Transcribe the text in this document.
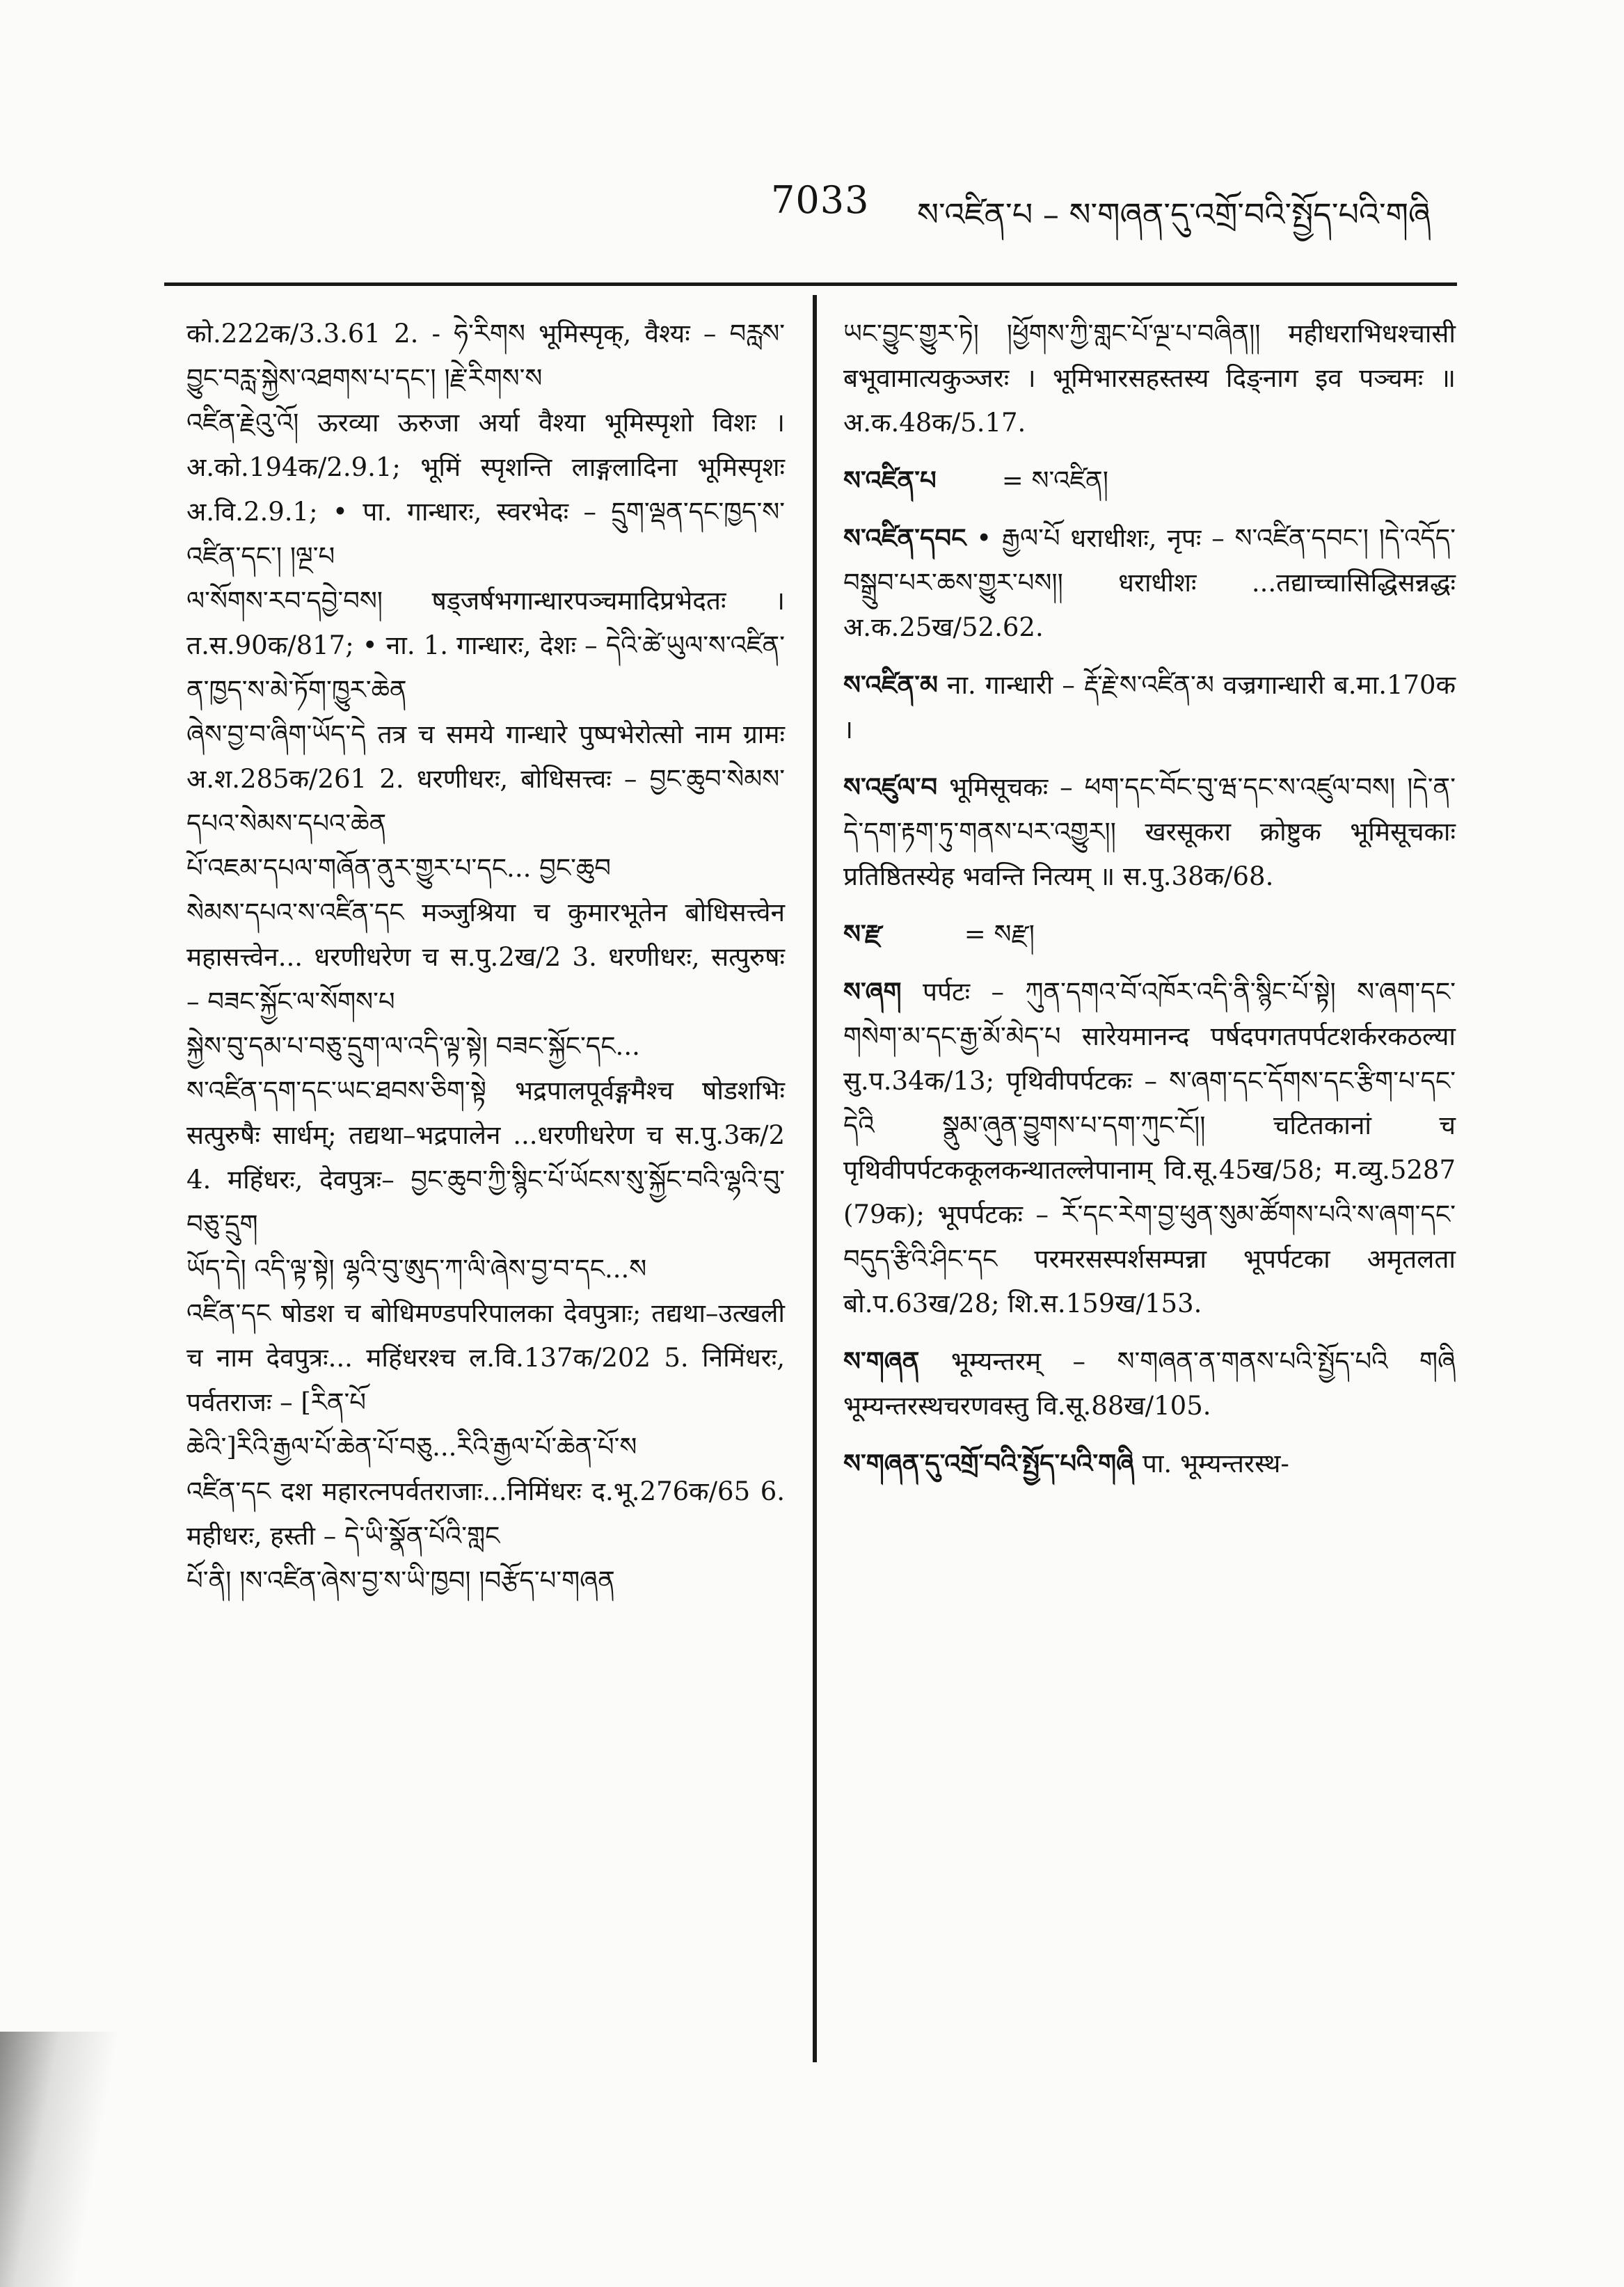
7033 ས་འཛིན་པ – ས་གཞན་དུ་འགྲོ་བའི་སྤྱོད་པའི་གཞི
को.222क/3.3.61 2. - ཧེ་རིགས भूमिस्पृक्, वैश्यः – བརླས་བྱུང་བརླ་སྐྱེས་འཐགས་པ་དང་། །རྗེ་རིགས་ས
འཛིན་རྗེའུ་འོ། ऊरव्या ऊरुजा अर्या वैश्या भूमिस्पृशो विशः । अ.को.194क/2.9.1; भूमिं स्पृशन्ति लाङ्गलादिना भूमिस्पृशः अ.वि.2.9.1; • पा. गान्धारः, स्वरभेदः – དྲུག་ལྡན་དང་ཁྱད་ས་འཛིན་དང་། །ལྔ་པ
ལ་སོགས་རབ་དབྱེ་བས། षड्जर्षभगान्धारपञ्चमादिप्रभेदतः । त.स.90क/817; • ना. 1. गान्धारः, देशः – དེའི་ཚེ་ཡུལ་ས་འཛིན་ན་ཁྱད་ས་མེ་ཏོག་ཁྱུར་ཆེན
ཞེས་བྱ་བ་ཞིག་ཡོད་དེ तत्र च समये गान्धारे पुष्पभेरोत्सो नाम ग्रामः अ.श.285क/261 2. धरणीधरः, बोधिसत्त्वः – བྱང་ཆུབ་སེམས་དཔའ་སེམས་དཔའ་ཆེན
པོ་འཇམ་དཔལ་གཞོན་ནུར་གྱུར་པ་དང... བྱང་ཆུབ
སེམས་དཔའ་ས་འཛིན་དང मञ्जुश्रिया च कुमारभूतेन बोधिसत्त्वेन महासत्त्वेन... धरणीधरेण च स.पु.2ख/2 3. धरणीधरः, सत्पुरुषः – བཟང་སྐྱོང་ལ་སོགས་པ
སྐྱེས་བུ་དམ་པ་བཅུ་དྲུག་ལ་འདི་ལྟ་སྟེ། བཟང་སྐྱོང་དང...
ས་འཛིན་དག་དང་ཡང་ཐབས་ཅིག་སྟེ भद्रपालपूर्वङ्गमैश्च षोडशभिः सत्पुरुषैः सार्धम्; तद्यथा–भद्रपालेन ...धरणीधरेण च स.पु.3क/2 4. महिंधरः, देवपुत्रः– བྱང་ཆུབ་ཀྱི་སྙིང་པོ་ཡོངས་སུ་སྐྱོང་བའི་ལྷའི་བུ་བཅུ་དྲུག
ཡོད་དེ། འདི་ལྟ་སྟེ། ལྷའི་བུ་ཨུད་ཀ་ལི་ཞེས་བྱ་བ་དང...ས
འཛིན་དང षोडश च बोधिमण्डपरिपालका देवपुत्राः; तद्यथा–उत्खली च नाम देवपुत्रः... महिंधरश्च ल.वि.137क/202 5. निमिंधरः, पर्वतराजः – [རིན་པོ
ཆེའི་]རིའི་རྒྱལ་པོ་ཆེན་པོ་བཅུ...རིའི་རྒྱལ་པོ་ཆེན་པོ་ས
འཛིན་དང दश महारत्नपर्वतराजाः...निमिंधरः द.भू.276क/65 6. महीधरः, हस्ती – དེ་ཡི་སྣོན་པོའི་གླང
པོ་ནི། །ས་འཛིན་ཞེས་བྱ་ས་ཡི་ཁྱབ། །བརྩོད་པ་གཞན

ཡང་བྱུང་གྱུར་ཏེ། །ཕྱོགས་ཀྱི་གླང་པོ་ལྔ་པ་བཞིན།། महीधराभिधश्चासी बभूवामात्यकुञ्जरः । भूमिभारसहस्तस्य दिङ्नाग इव पञ्चमः ॥ अ.क.48क/5.17.

ས་འཛིན་པ	= ས་འཛིན།

ས་འཛིན་དབང • རྒྱལ་པོ धराधीशः, नृपः – ས་འཛིན་དབང་། །དེ་འདོད་བསྒྲུབ་པར་ཆས་གྱུར་པས།། धराधीशः ...तद्याच्चासिद्धिसन्नद्धः अ.क.25ख/52.62.

ས་འཛིན་མ ना. गान्धारी – རྡོ་རྗེ་ས་འཛིན་མ वज्रगान्धारी ब.मा.170क ।

ས་འཛུལ་བ भूमिसूचकः – ཕག་དང་བོང་བུ་ཝ་དང་ས་འཛུལ་བས། །དེ་ན་དེ་དག་རྟག་ཏུ་གནས་པར་འགྱུར།། खरसूकरा क्रोष्टुक भूमिसूचकाः प्रतिष्ठितस्येह भवन्ति नित्यम् ॥ स.पु.38क/68.

ས་རྫ	= སརྫ།

ས་ཞག पर्पटः – ཀུན་དགའ་བོ་འཁོར་འདི་ནི་སྙིང་པོ་སྟེ། ས་ཞག་དང་གསེག་མ་དང་རྒྱ་མོ་མེད་པ सारेयमानन्द पर्षदपगतपर्पटशर्करकठल्या सु.प.34क/13; पृथिवीपर्पटकः – ས་ཞག་དང་དོགས་དང་རྩིག་པ་དང་དེའི སྣུམ་ཞུན་བྱུགས་པ་དག་ཀུང་ངོ།། चटितकानां च पृथिवीपर्पटककूलकन्थातल्लेपानाम् वि.सू.45ख/58; म.व्यु.5287 (79क); भूपर्पटकः – རོ་དང་རེག་བྱ་ཕུན་སུམ་ཚོགས་པའི་ས་ཞག་དང་བདུད་རྩིའི་ཤིང་དང परमरसस्पर्शसम्पन्ना भूपर्पटका अमृतलता बो.प.63ख/28; शि.स.159ख/153.

ས་གཞན भूम्यन्तरम् – ས་གཞན་ན་གནས་པའི་སྤྱོད་པའི གཞི भूम्यन्तरस्थचरणवस्तु वि.सू.88ख/105.

ས་གཞན་དུ་འགྲོ་བའི་སྤྱོད་པའི་གཞི पा. भूम्यन्तरस्थ-
